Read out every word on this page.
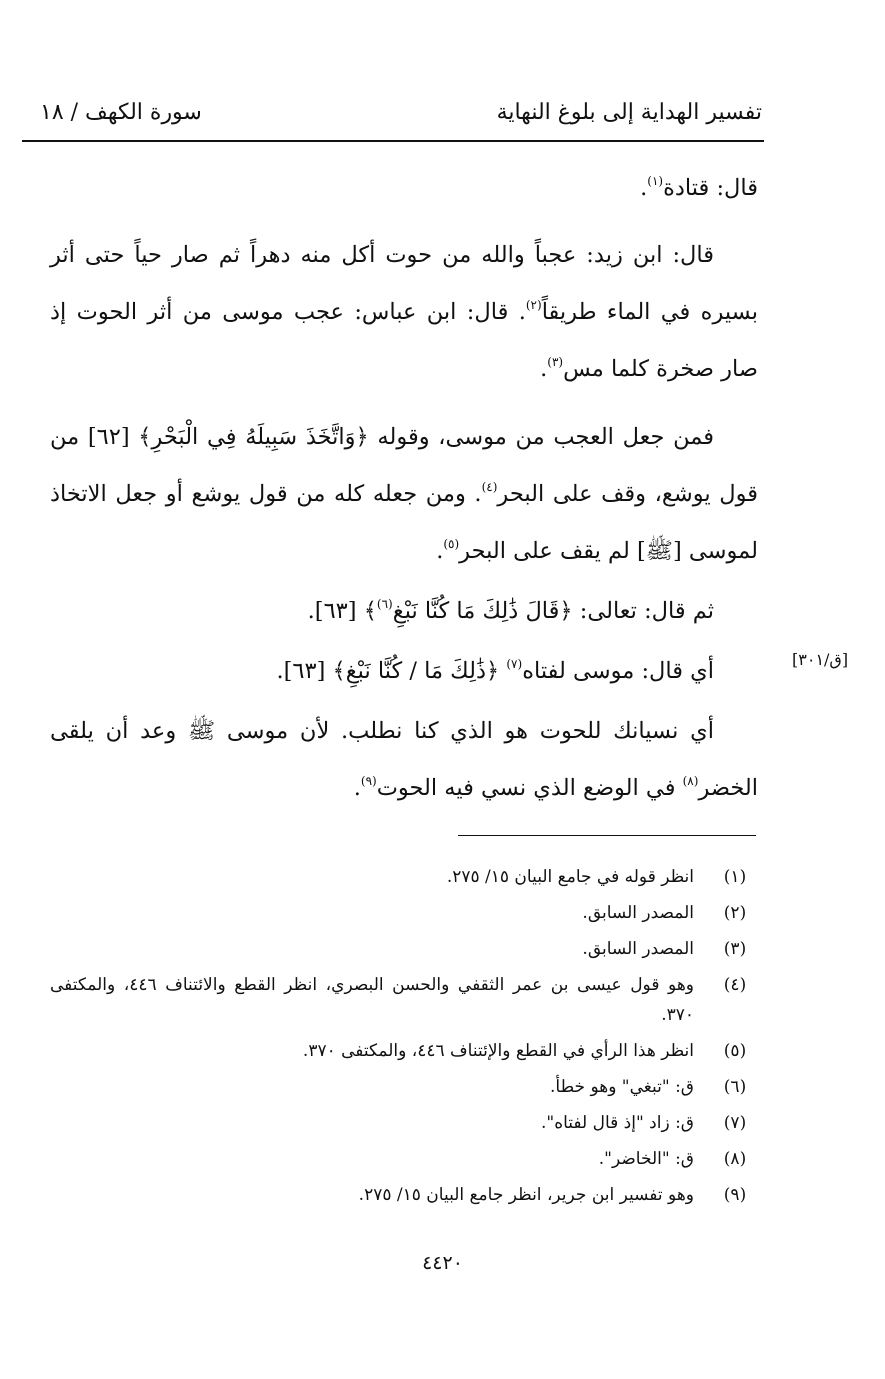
تفسير الهداية إلى بلوغ النهاية
سورة الكهف / ١٨

قال: قتادة$^{(١)}$.

قال: ابن زيد: عجباً والله من حوت أكل منه دهراً ثم صار حياً حتى أثر بسيره في الماء طريقاً$^{(٢)}$. قال: ابن عباس: عجب موسى من أثر الحوت إذ صار صخرة كلما مس$^{(٣)}$.

فمن جعل العجب من موسى، وقوله ﴿وَاتَّخَذَ سَبِيلَهُ فِي الْبَحْرِ﴾ [٦٢] من قول يوشع، وقف على البحر$^{(٤)}$. ومن جعله كله من قول يوشع أو جعل الاتخاذ لموسى [ﷺ] لم يقف على البحر$^{(٥)}$.

ثم قال: تعالى: ﴿قَالَ ذَٰلِكَ مَا كُنَّا نَبْغِ$^{(٦)}$﴾ [٦٣].

أي قال: موسى لفتاه$^{(٧)}$ ﴿ذَٰلِكَ مَا / كُنَّا نَبْغِ﴾ [٦٣].

أي نسيانك للحوت هو الذي كنا نطلب. لأن موسى ﷺ وعد أن يلقى الخضر$^{(٨)}$ في الوضع الذي نسي فيه الحوت$^{(٩)}$.

[ق/٣٠١]
(١)
انظر قوله في جامع البيان ١٥/ ٢٧٥.
(٢)
المصدر السابق.
(٣)
المصدر السابق.
(٤)
وهو قول عيسى بن عمر الثقفي والحسن البصري، انظر القطع والائتناف ٤٤٦، والمكتفى ٣٧٠.
(٥)
انظر هذا الرأي في القطع والإئتناف ٤٤٦، والمكتفى ٣٧٠.
(٦)
ق: "تبغي" وهو خطأ.
(٧)
ق: زاد "إذ قال لفتاه".
(٨)
ق: "الخاضر".
(٩)
وهو تفسير ابن جرير، انظر جامع البيان ١٥/ ٢٧٥.
٤٤٢٠
